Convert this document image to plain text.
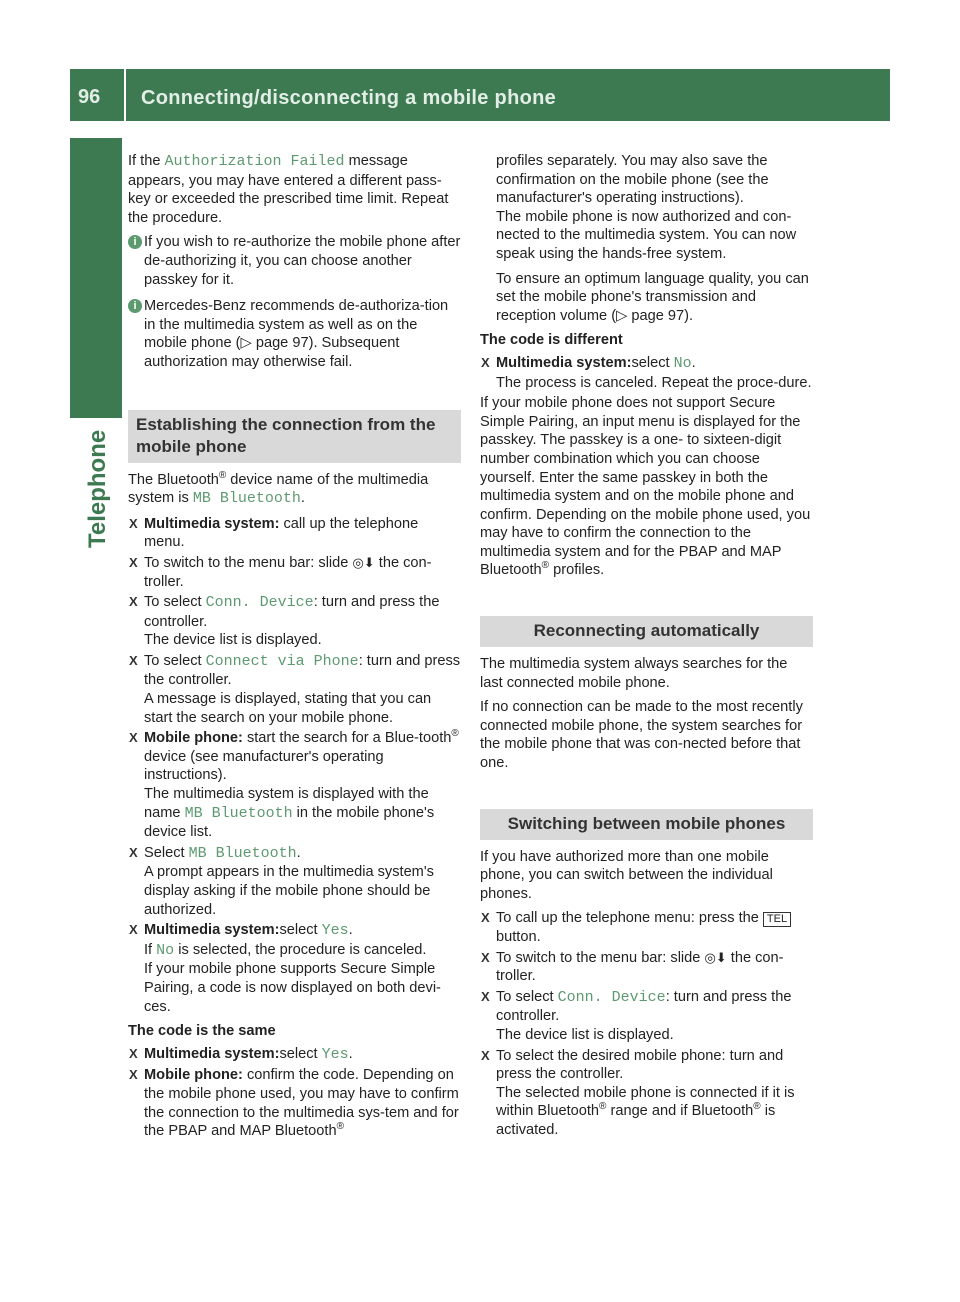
96	Connecting/disconnecting a mobile phone
Telephone

If the Authorization Failed message appears, you may have entered a different pass-key or exceeded the prescribed time limit. Repeat the procedure.

i If you wish to re-authorize the mobile phone after de-authorizing it, you can choose another passkey for it.
i Mercedes-Benz recommends de-authoriza-tion in the multimedia system as well as on the mobile phone (▷ page 97). Subsequent authorization may otherwise fail.
Establishing the connection from the mobile phone

The Bluetooth® device name of the multimedia system is MB Bluetooth.

X Multimedia system: call up the telephone menu.
X To switch to the menu bar: slide ◎⬇ the con-troller.
X To select Conn. Device: turn and press the controller.
The device list is displayed.
X To select Connect via Phone: turn and press the controller.
A message is displayed, stating that you can start the search on your mobile phone.
X Mobile phone: start the search for a Blue-tooth® device (see manufacturer's operating instructions).
The multimedia system is displayed with the name MB Bluetooth in the mobile phone's device list.
X Select MB Bluetooth.
A prompt appears in the multimedia system's display asking if the mobile phone should be authorized.
X Multimedia system:select Yes.
If No is selected, the procedure is canceled.
If your mobile phone supports Secure Simple Pairing, a code is now displayed on both devi-ces.
The code is the same
X Multimedia system:select Yes.
X Mobile phone: confirm the code. Depending on the mobile phone used, you may have to confirm the connection to the multimedia sys-tem and for the PBAP and MAP Bluetooth®

profiles separately. You may also save the confirmation on the mobile phone (see the manufacturer's operating instructions).
The mobile phone is now authorized and con-nected to the multimedia system. You can now speak using the hands-free system.

To ensure an optimum language quality, you can set the mobile phone's transmission and reception volume (▷ page 97).

The code is different
X Multimedia system:select No.
The process is canceled. Repeat the proce-dure.

If your mobile phone does not support Secure Simple Pairing, an input menu is displayed for the passkey. The passkey is a one- to sixteen-digit number combination which you can choose yourself. Enter the same passkey in both the multimedia system and on the mobile phone and confirm. Depending on the mobile phone used, you may have to confirm the connection to the multimedia system and for the PBAP and MAP Bluetooth® profiles.

Reconnecting automatically

The multimedia system always searches for the last connected mobile phone.

If no connection can be made to the most recently connected mobile phone, the system searches for the mobile phone that was con-nected before that one.

Switching between mobile phones

If you have authorized more than one mobile phone, you can switch between the individual phones.

X To call up the telephone menu: press the TEL button.
X To switch to the menu bar: slide ◎⬇ the con-troller.
X To select Conn. Device: turn and press the controller.
The device list is displayed.
X To select the desired mobile phone: turn and press the controller.
The selected mobile phone is connected if it is within Bluetooth® range and if Bluetooth® is activated.
